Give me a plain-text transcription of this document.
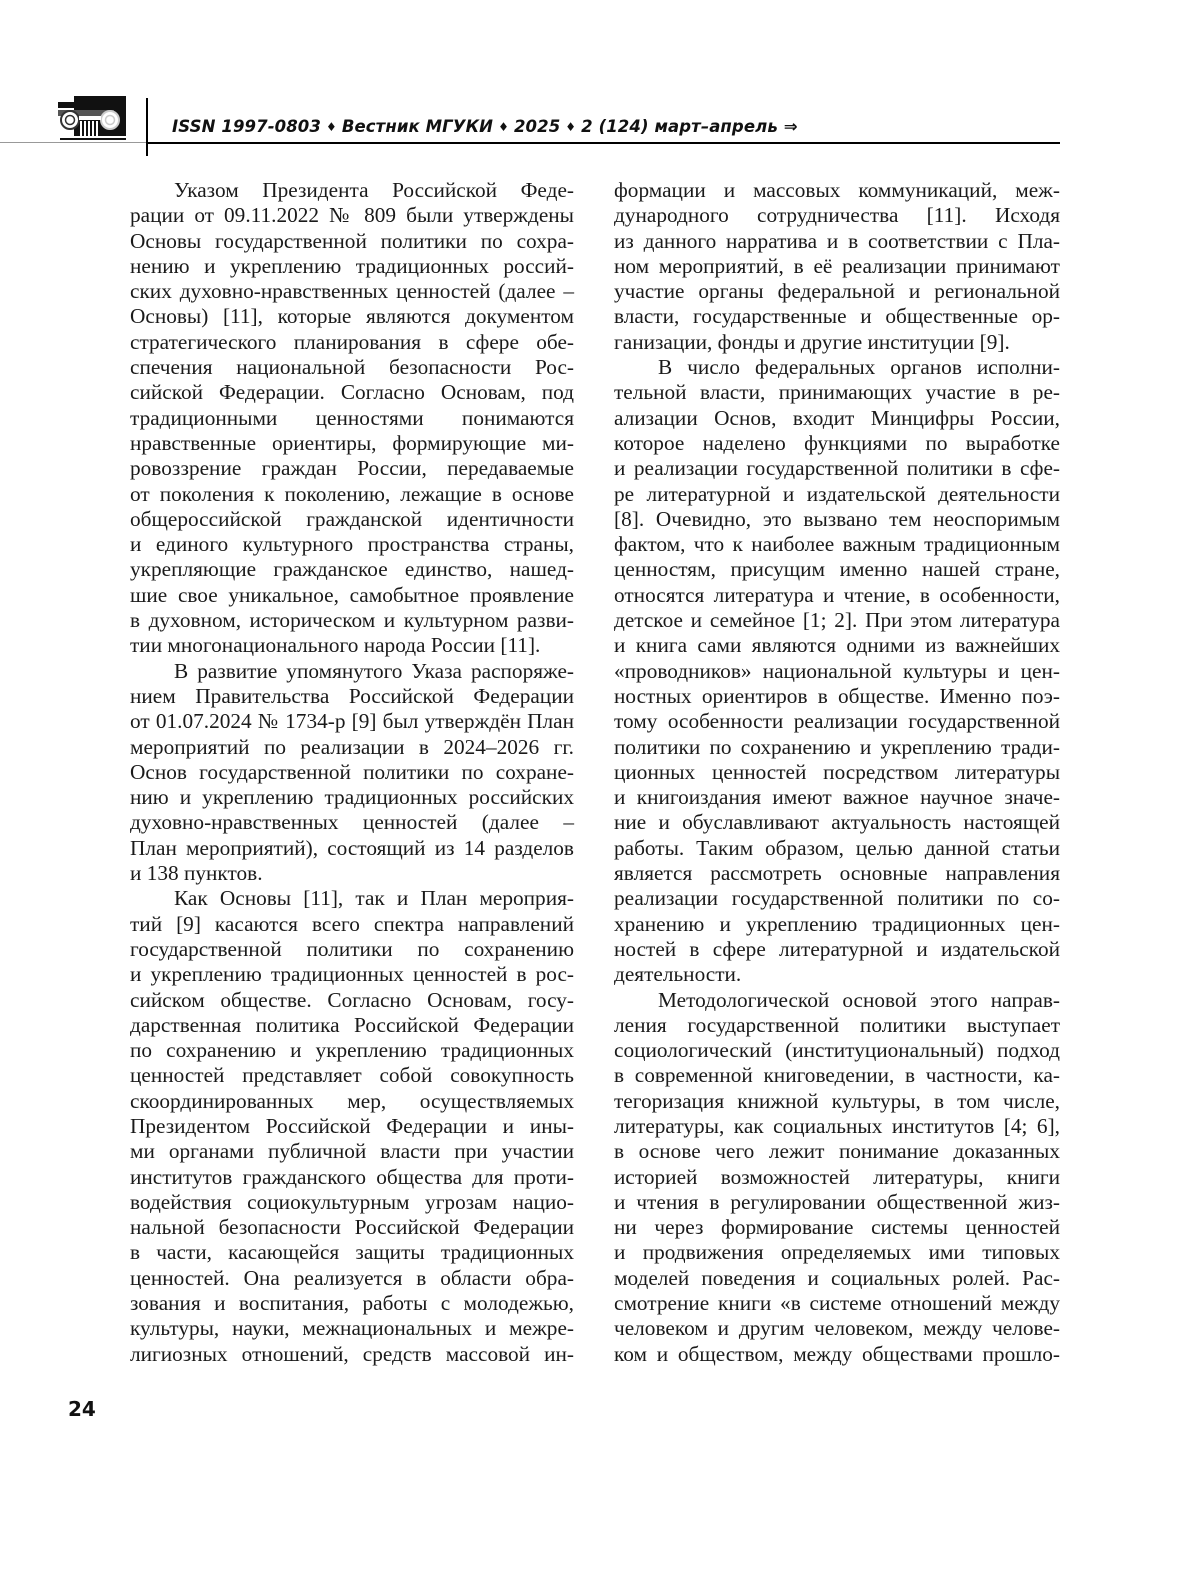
ISSN 1997-0803 ♦ Вестник МГУКИ ♦ 2025 ♦ 2 (124) март–апрель ⇒
Указом Президента Российской Феде-
рации от 09.11.2022 № 809 были утверждены
Основы государственной политики по сохра-
нению и укреплению традиционных россий-
ских духовно-нравственных ценностей (далее –
Основы) [11], которые являются документом
стратегического планирования в сфере обе-
спечения национальной безопасности Рос-
сийской Федерации. Согласно Основам, под
традиционными ценностями понимаются
нравственные ориентиры, формирующие ми-
ровоззрение граждан России, передаваемые
от поколения к поколению, лежащие в основе
общероссийской гражданской идентичности
и единого культурного пространства страны,
укрепляющие гражданское единство, нашед-
шие свое уникальное, самобытное проявление
в духовном, историческом и культурном разви-
тии многонационального народа России [11].
В развитие упомянутого Указа распоряже-
нием Правительства Российской Федерации
от 01.07.2024 № 1734-р [9] был утверждён План
мероприятий по реализации в 2024–2026 гг.
Основ государственной политики по сохране-
нию и укреплению традиционных российских
духовно-нравственных ценностей (далее –
План мероприятий), состоящий из 14 разделов
и 138 пунктов.
Как Основы [11], так и План мероприя-
тий [9] касаются всего спектра направлений
государственной политики по сохранению
и укреплению традиционных ценностей в рос-
сийском обществе. Согласно Основам, госу-
дарственная политика Российской Федерации
по сохранению и укреплению традиционных
ценностей представляет собой совокупность
скоординированных мер, осуществляемых
Президентом Российской Федерации и ины-
ми органами публичной власти при участии
институтов гражданского общества для проти-
водействия социокультурным угрозам нацио-
нальной безопасности Российской Федерации
в части, касающейся защиты традиционных
ценностей. Она реализуется в области обра-
зования и воспитания, работы с молодежью,
культуры, науки, межнациональных и межре-
лигиозных отношений, средств массовой ин-
формации и массовых коммуникаций, меж-
дународного сотрудничества [11]. Исходя
из данного нарратива и в соответствии с Пла-
ном мероприятий, в её реализации принимают
участие органы федеральной и региональной
власти, государственные и общественные ор-
ганизации, фонды и другие институции [9].
В число федеральных органов исполни-
тельной власти, принимающих участие в ре-
ализации Основ, входит Минцифры России,
которое наделено функциями по выработке
и реализации государственной политики в сфе-
ре литературной и издательской деятельности
[8]. Очевидно, это вызвано тем неоспоримым
фактом, что к наиболее важным традиционным
ценностям, присущим именно нашей стране,
относятся литература и чтение, в особенности,
детское и семейное [1; 2]. При этом литература
и книга сами являются одними из важнейших
«проводников» национальной культуры и цен-
ностных ориентиров в обществе. Именно поэ-
тому особенности реализации государственной
политики по сохранению и укреплению тради-
ционных ценностей посредством литературы
и книгоиздания имеют важное научное значе-
ние и обуславливают актуальность настоящей
работы. Таким образом, целью данной статьи
является рассмотреть основные направления
реализации государственной политики по со-
хранению и укреплению традиционных цен-
ностей в сфере литературной и издательской
деятельности.
Методологической основой этого направ-
ления государственной политики выступает
социологический (институциональный) подход
в современной книговедении, в частности, ка-
тегоризация книжной культуры, в том числе,
литературы, как социальных институтов [4; 6],
в основе чего лежит понимание доказанных
историей возможностей литературы, книги
и чтения в регулировании общественной жиз-
ни через формирование системы ценностей
и продвижения определяемых ими типовых
моделей поведения и социальных ролей. Рас-
смотрение книги «в системе отношений между
человеком и другим человеком, между челове-
ком и обществом, между обществами прошло-
24
